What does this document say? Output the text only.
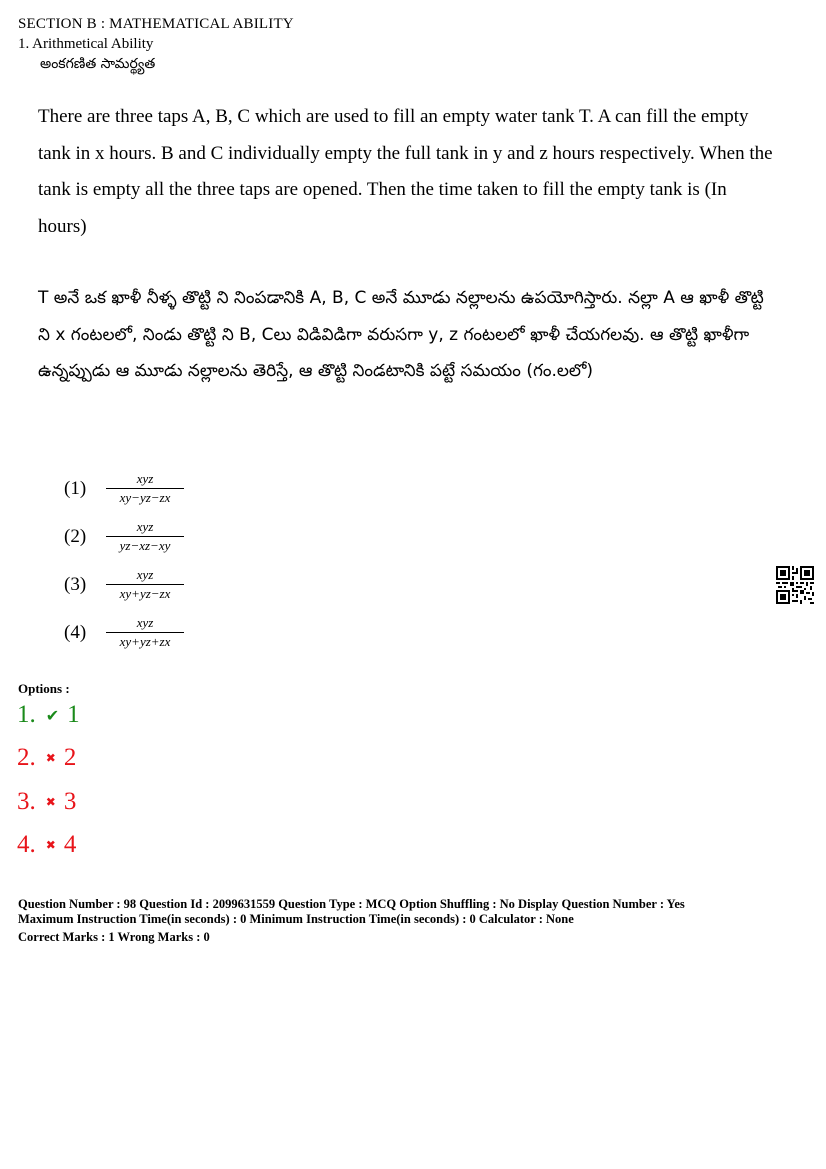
SECTION B : MATHEMATICAL ABILITY
1. Arithmetical Ability
అంకగణిత సామర్థ్యత
There are three taps A, B, C which are used to fill an empty water tank T. A can fill the empty tank in x hours. B and C individually empty the full tank in y and z hours respectively. When the tank is empty all the three taps are opened. Then the time taken to fill the empty tank is (In hours)
T అనే ఒక ఖాళీ నీళ్ళ తొట్టి ని నింపడానికి A, B, C అనే మూడు నల్లాలను ఉపయోగిస్తారు. నల్లా A ఆ ఖాళీ తొట్టి ని x గంటలలో, నిండు తొట్టి ని B, Cలు విడివిడిగా వరుసగా y, z గంటలలో ఖాళీ చేయగలవు. ఆ తొట్టి ఖాళీగా ఉన్నప్పుడు ఆ మూడు నల్లాలను తెరిస్తే, ఆ తొట్టి నిండటానికి పట్టే సమయం (గం.లలో)
(1)	xyz
xy−yz−zx
(2)	xyz
yz−xz−xy
(3)	xyz
xy+yz−zx
(4)	xyz
xy+yz+zx
Options :
1. ✔ 1
2. ✖ 2
3. ✖ 3
4. ✖ 4
Question Number : 98 Question Id : 2099631559 Question Type : MCQ Option Shuffling : No Display Question Number : Yes
Maximum Instruction Time(in seconds) : 0 Minimum Instruction Time(in seconds) : 0 Calculator : None
Correct Marks : 1 Wrong Marks : 0
